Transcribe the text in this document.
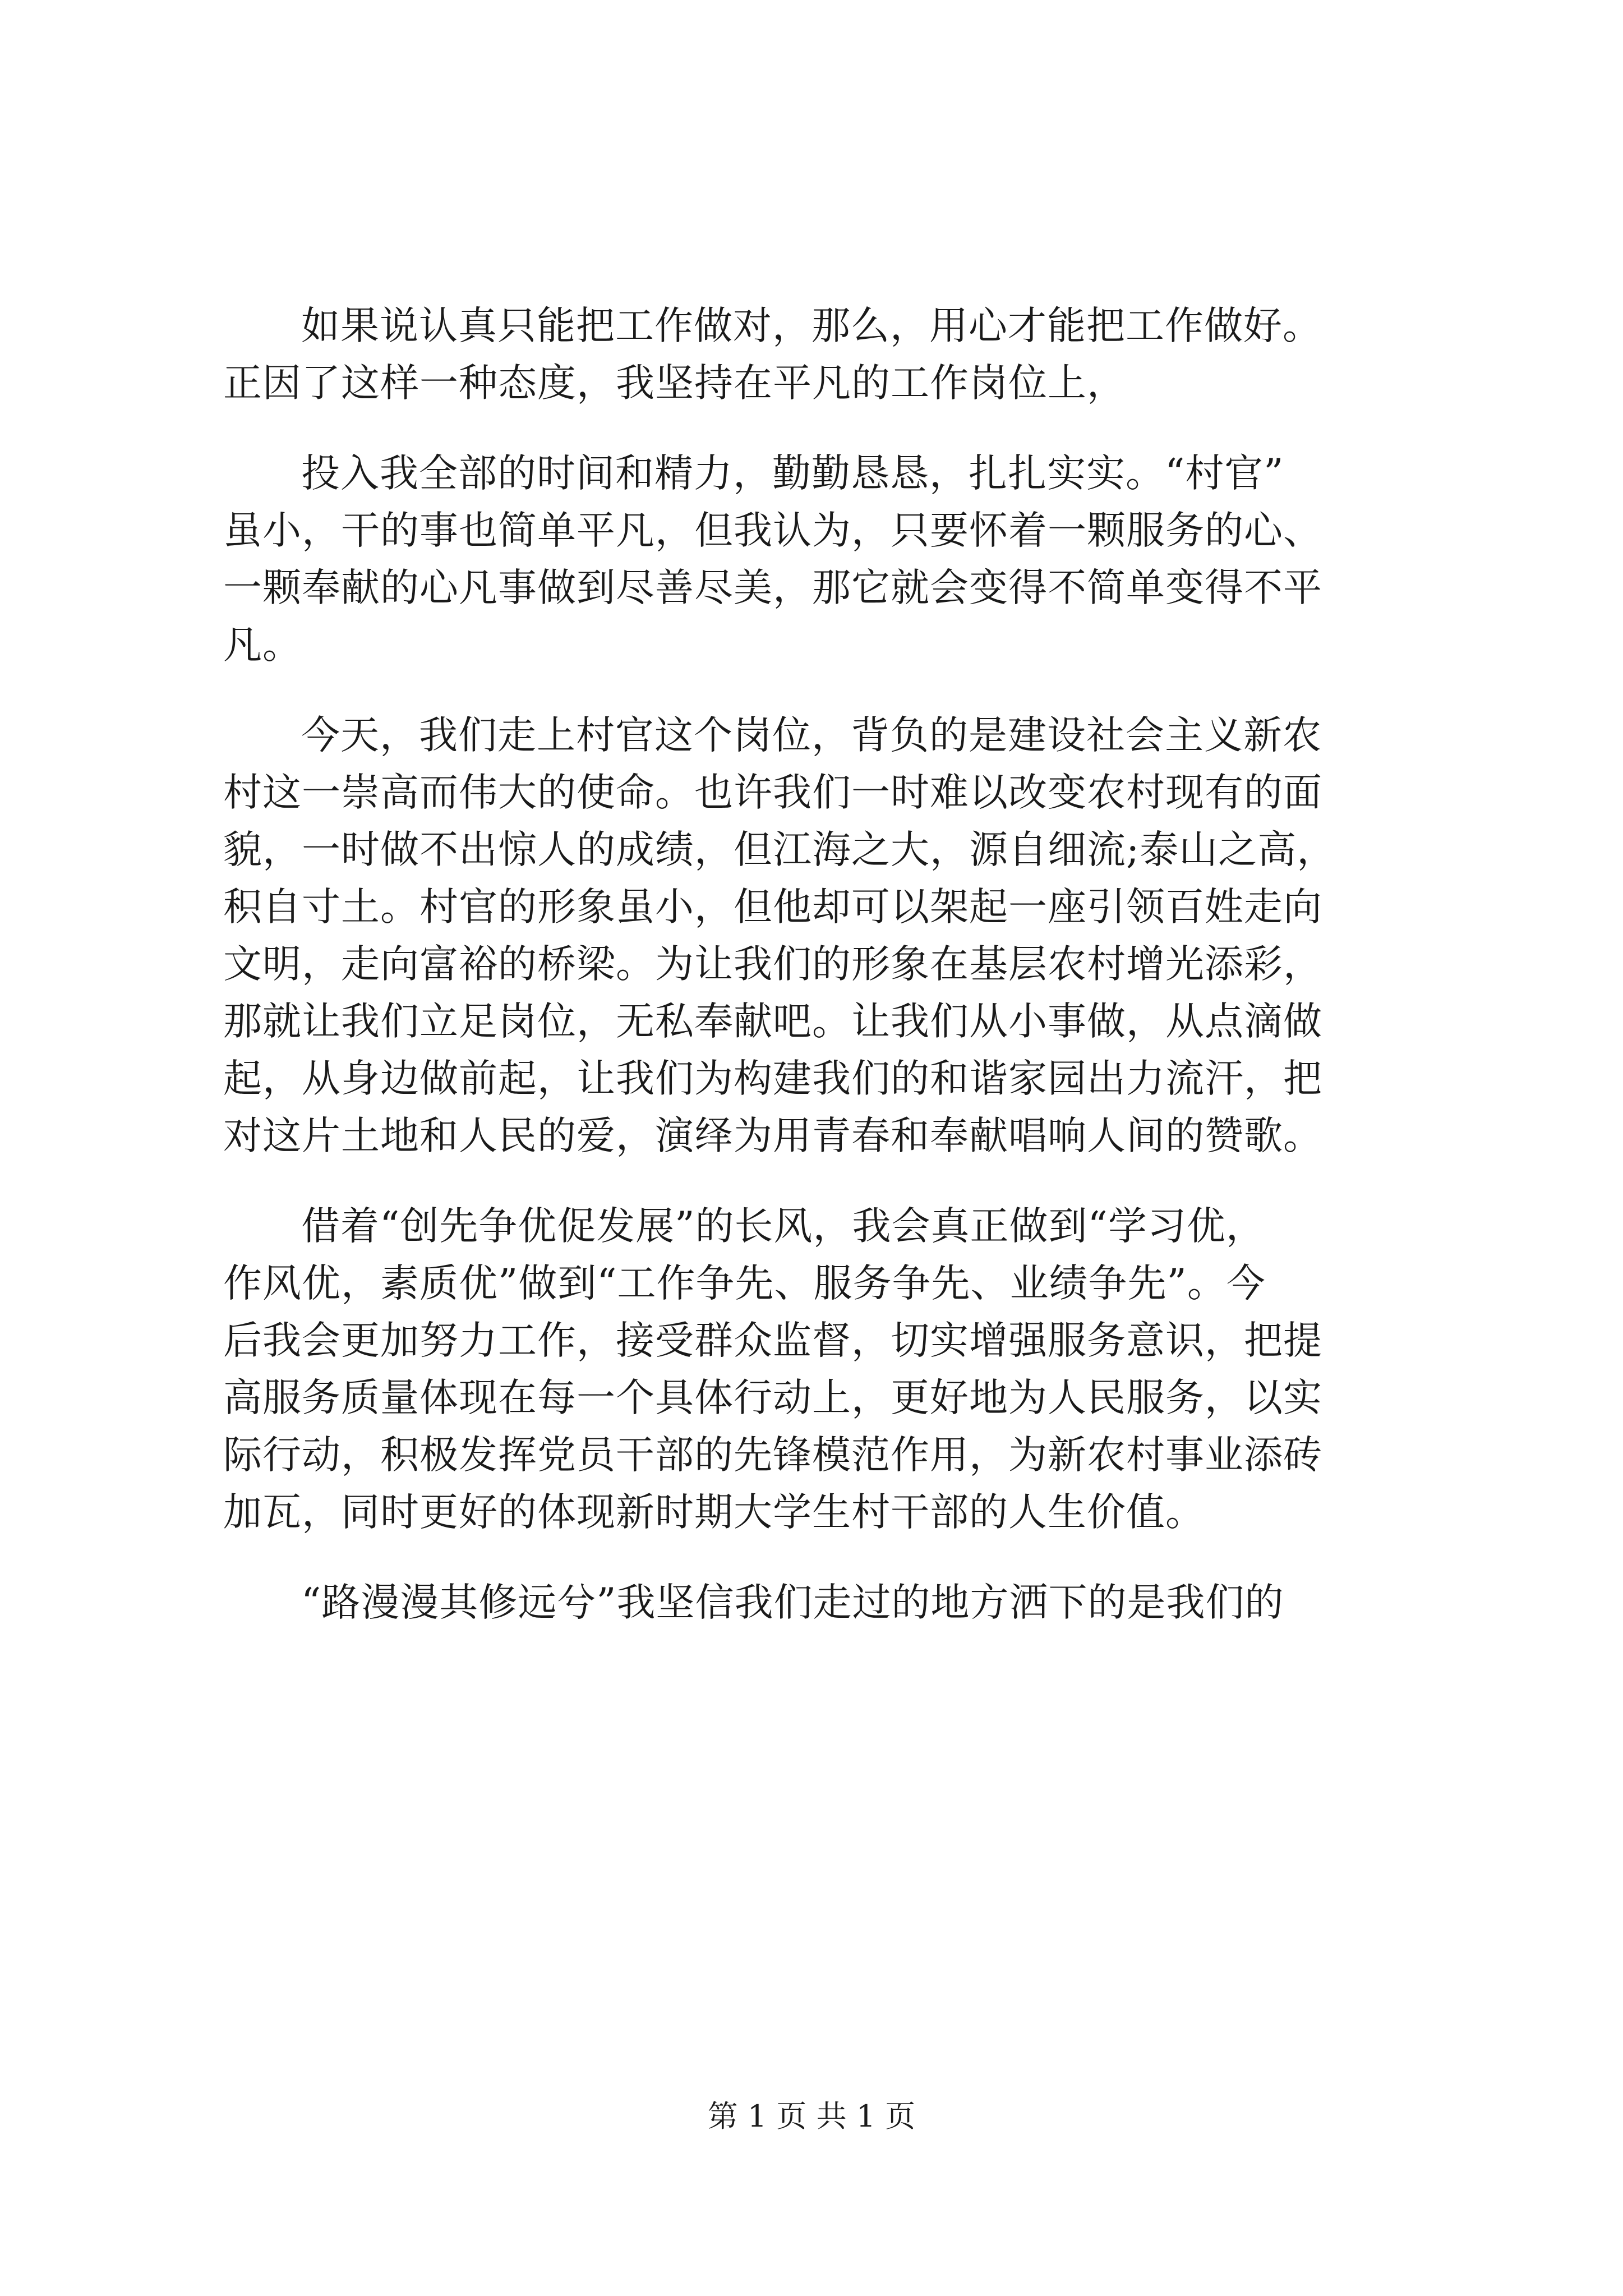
如果说认真只能把工作做对，那么，用心才能把工作做好。
正因了这样一种态度，我坚持在平凡的工作岗位上，
投入我全部的时间和精力，勤勤恳恳，扎扎实实。“村官”
虽小，干的事也简单平凡，但我认为，只要怀着一颗服务的心、
一颗奉献的心凡事做到尽善尽美，那它就会变得不简单变得不平
凡。
今天，我们走上村官这个岗位，背负的是建设社会主义新农
村这一崇高而伟大的使命。也许我们一时难以改变农村现有的面
貌，一时做不出惊人的成绩，但江海之大，源自细流;泰山之高，
积自寸土。村官的形象虽小，但他却可以架起一座引领百姓走向
文明，走向富裕的桥梁。为让我们的形象在基层农村增光添彩，
那就让我们立足岗位，无私奉献吧。让我们从小事做，从点滴做
起，从身边做前起，让我们为构建我们的和谐家园出力流汗，把
对这片土地和人民的爱，演绎为用青春和奉献唱响人间的赞歌。
借着“创先争优促发展”的长风，我会真正做到“学习优，
作风优，素质优”做到“工作争先、服务争先、业绩争先”。今
后我会更加努力工作，接受群众监督，切实增强服务意识，把提
高服务质量体现在每一个具体行动上，更好地为人民服务，以实
际行动，积极发挥党员干部的先锋模范作用，为新农村事业添砖
加瓦，同时更好的体现新时期大学生村干部的人生价值。
“路漫漫其修远兮”我坚信我们走过的地方洒下的是我们的
第 1 页 共 1 页
